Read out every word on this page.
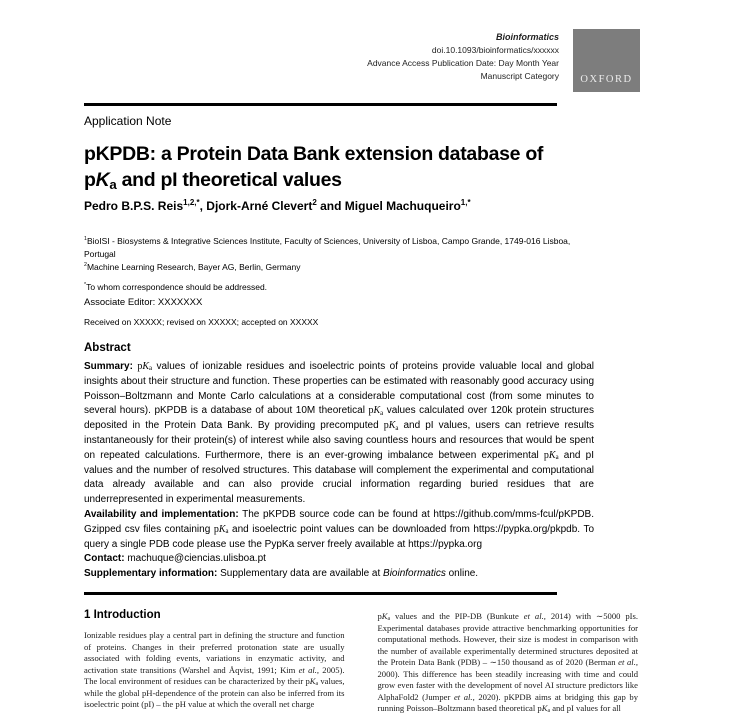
Bioinformatics
doi.10.1093/bioinformatics/xxxxxx
Advance Access Publication Date: Day Month Year
Manuscript Category	OXFORD
Application Note
pKPDB: a Protein Data Bank extension database of
$pK_a$ and pI theoretical values
Pedro B.P.S. Reis$^{1,2,*}$, Djork-Arné Clevert$^2$ and Miguel Machuqueiro$^{1,*}$

$^1$BioISI - Biosystems & Integrative Sciences Institute, Faculty of Sciences, University of Lisboa, Campo Grande, 1749-016 Lisboa, Portugal

$^2$Machine Learning Research, Bayer AG, Berlin, Germany

*To whom correspondence should be addressed.
Associate Editor: XXXXXXX
Received on XXXXX; revised on XXXXX; accepted on XXXXX
Abstract

Summary: $pK_a$ values of ionizable residues and isoelectric points of proteins provide valuable local and global insights about their structure and function. These properties can be estimated with reasonably good accuracy using Poisson–Boltzmann and Monte Carlo calculations at a considerable computational cost (from some minutes to several hours). pKPDB is a database of about 10M theoretical $pK_a$ values calculated over 120k protein structures deposited in the Protein Data Bank. By providing precomputed $pK_a$ and pI values, users can retrieve results instantaneously for their protein(s) of interest while also saving countless hours and resources that would be spent on repeated calculations. Furthermore, there is an ever-growing imbalance between experimental $pK_a$ and pI values and the number of resolved structures. This database will complement the experimental and computational data already available and can also provide crucial information regarding buried residues that are underrepresented in experimental measurements.

Availability and implementation: The pKPDB source code can be found at https://github.com/mms-fcul/pKPDB. Gzipped csv files containing $pK_a$ and isoelectric point values can be downloaded from https://pypka.org/pkpdb. To query a single PDB code please use the PypKa server freely available at https://pypka.org

Contact: machuque@ciencias.ulisboa.pt

Supplementary information: Supplementary data are available at Bioinformatics online.

1 Introduction

Ionizable residues play a central part in defining the structure and function of proteins. Changes in their preferred protonation state are usually associated with folding events, variations in enzymatic activity, and activation state transitions (Warshel and Åqvist, 1991; Kim et al., 2005). The local environment of residues can be characterized by their $pK_a$ values, while the global pH-dependence of the protein can also be inferred from its isoelectric point (pI) – the pH value at which the overall net charge

$pK_a$ values and the PIP-DB (Bunkute et al., 2014) with ∼5000 pIs. Experimental databases provide attractive benchmarking opportunities for computational methods. However, their size is modest in comparison with the number of available experimentally determined structures deposited at the Protein Data Bank (PDB) – ∼150 thousand as of 2020 (Berman et al., 2000). This difference has been steadily increasing with time and could grow even faster with the development of novel AI structure predictors like AlphaFold2 (Jumper et al., 2020). pKPDB aims at bridging this gap by running Poisson–Boltzmann based theoretical $pK_a$ and pI values for all
